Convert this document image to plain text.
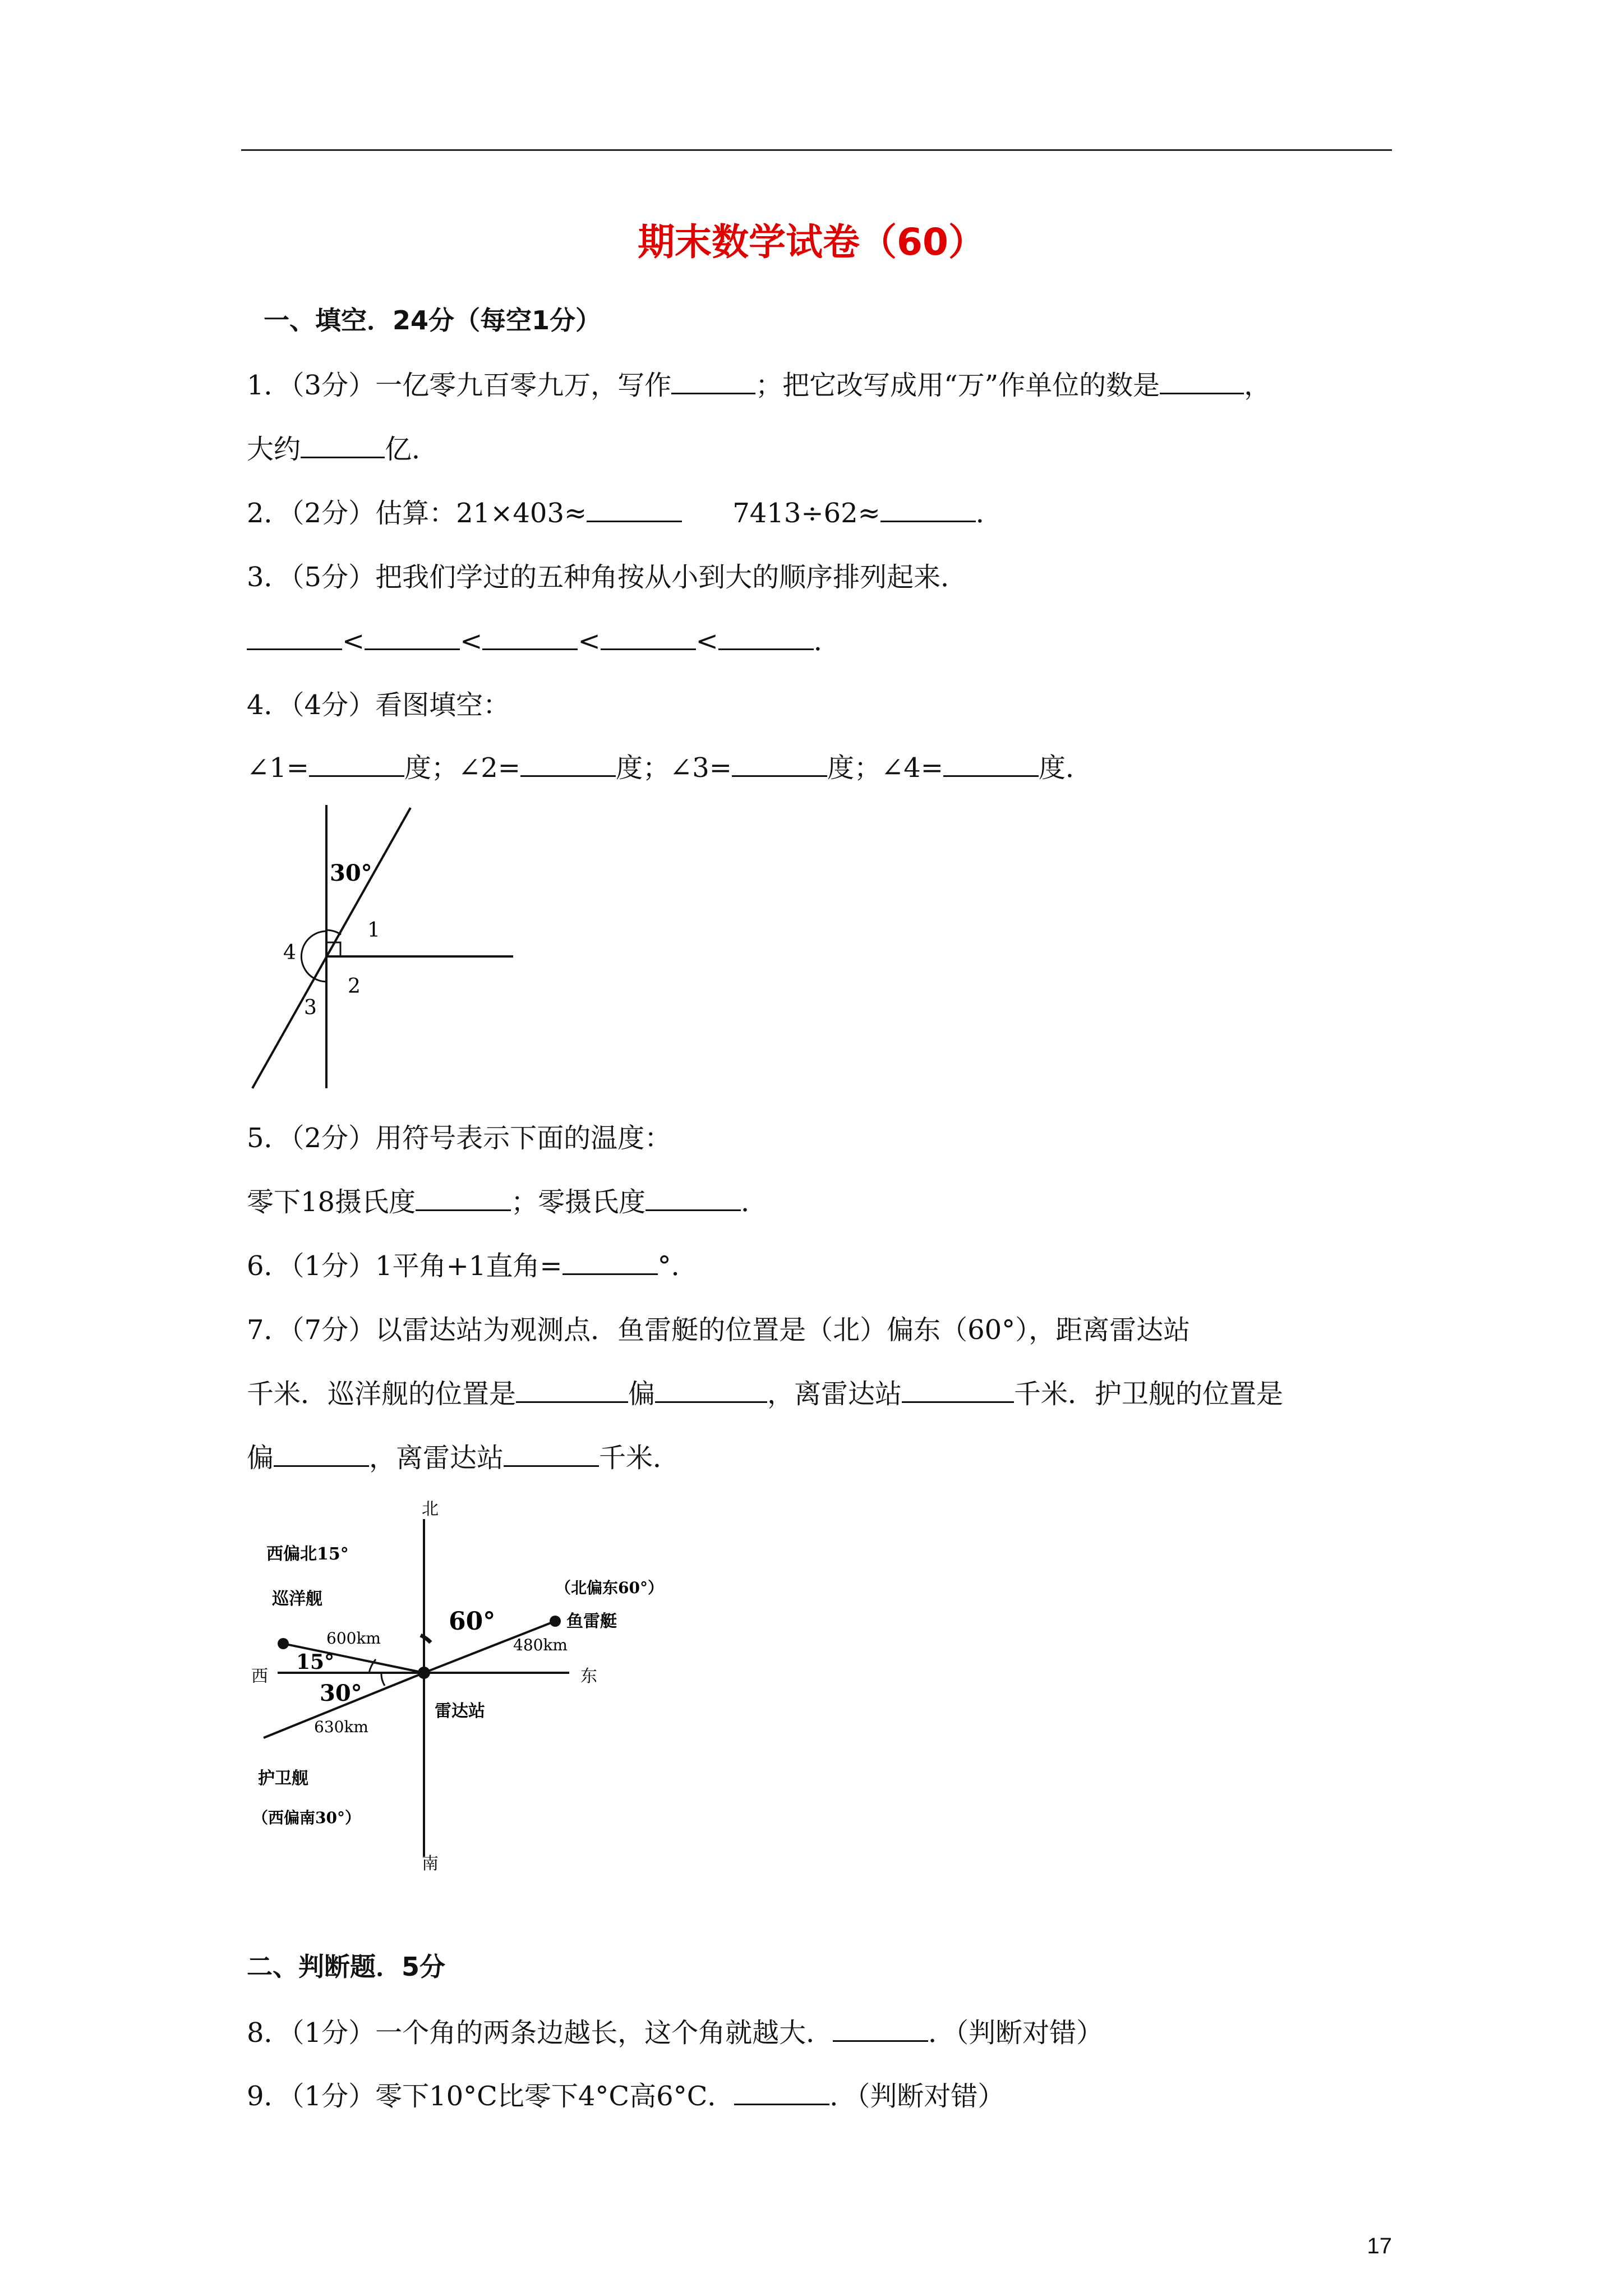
期末数学试卷（60）
一、填空．24分（每空1分）
1．（3分）一亿零九百零九万，写作	；把它改写成用“万”作单位的数是	，
大约	亿．
2．（2分）估算：21×403≈	7413÷62≈	．
3．（5分）把我们学过的五种角按从小到大的顺序排列起来．
<	<	<	<	．
4．（4分）看图填空：
∠1=	度；∠2=	度；∠3=	度；∠4=	度．
30°
1
2
3
4
5．（2分）用符号表示下面的温度：
零下18摄氏度	；零摄氏度	．
6．（1分）1平角+1直角=	°．
7．（7分）以雷达站为观测点．鱼雷艇的位置是（北）偏东（60°），距离雷达站
千米．巡洋舰的位置是	偏	，离雷达站	千米．护卫舰的位置是
偏	，离雷达站	千米．
北
南
东
西
雷达站
西偏北15°
巡洋舰
600km
（北偏东60°）
鱼雷艇
480km
630km
护卫舰
（西偏南30°）
60°
15°
30°
二、判断题．5分
8．（1分）一个角的两条边越长，这个角就越大．	．（判断对错）
9．（1分）零下10°C比零下4°C高6°C．	．（判断对错）
17
